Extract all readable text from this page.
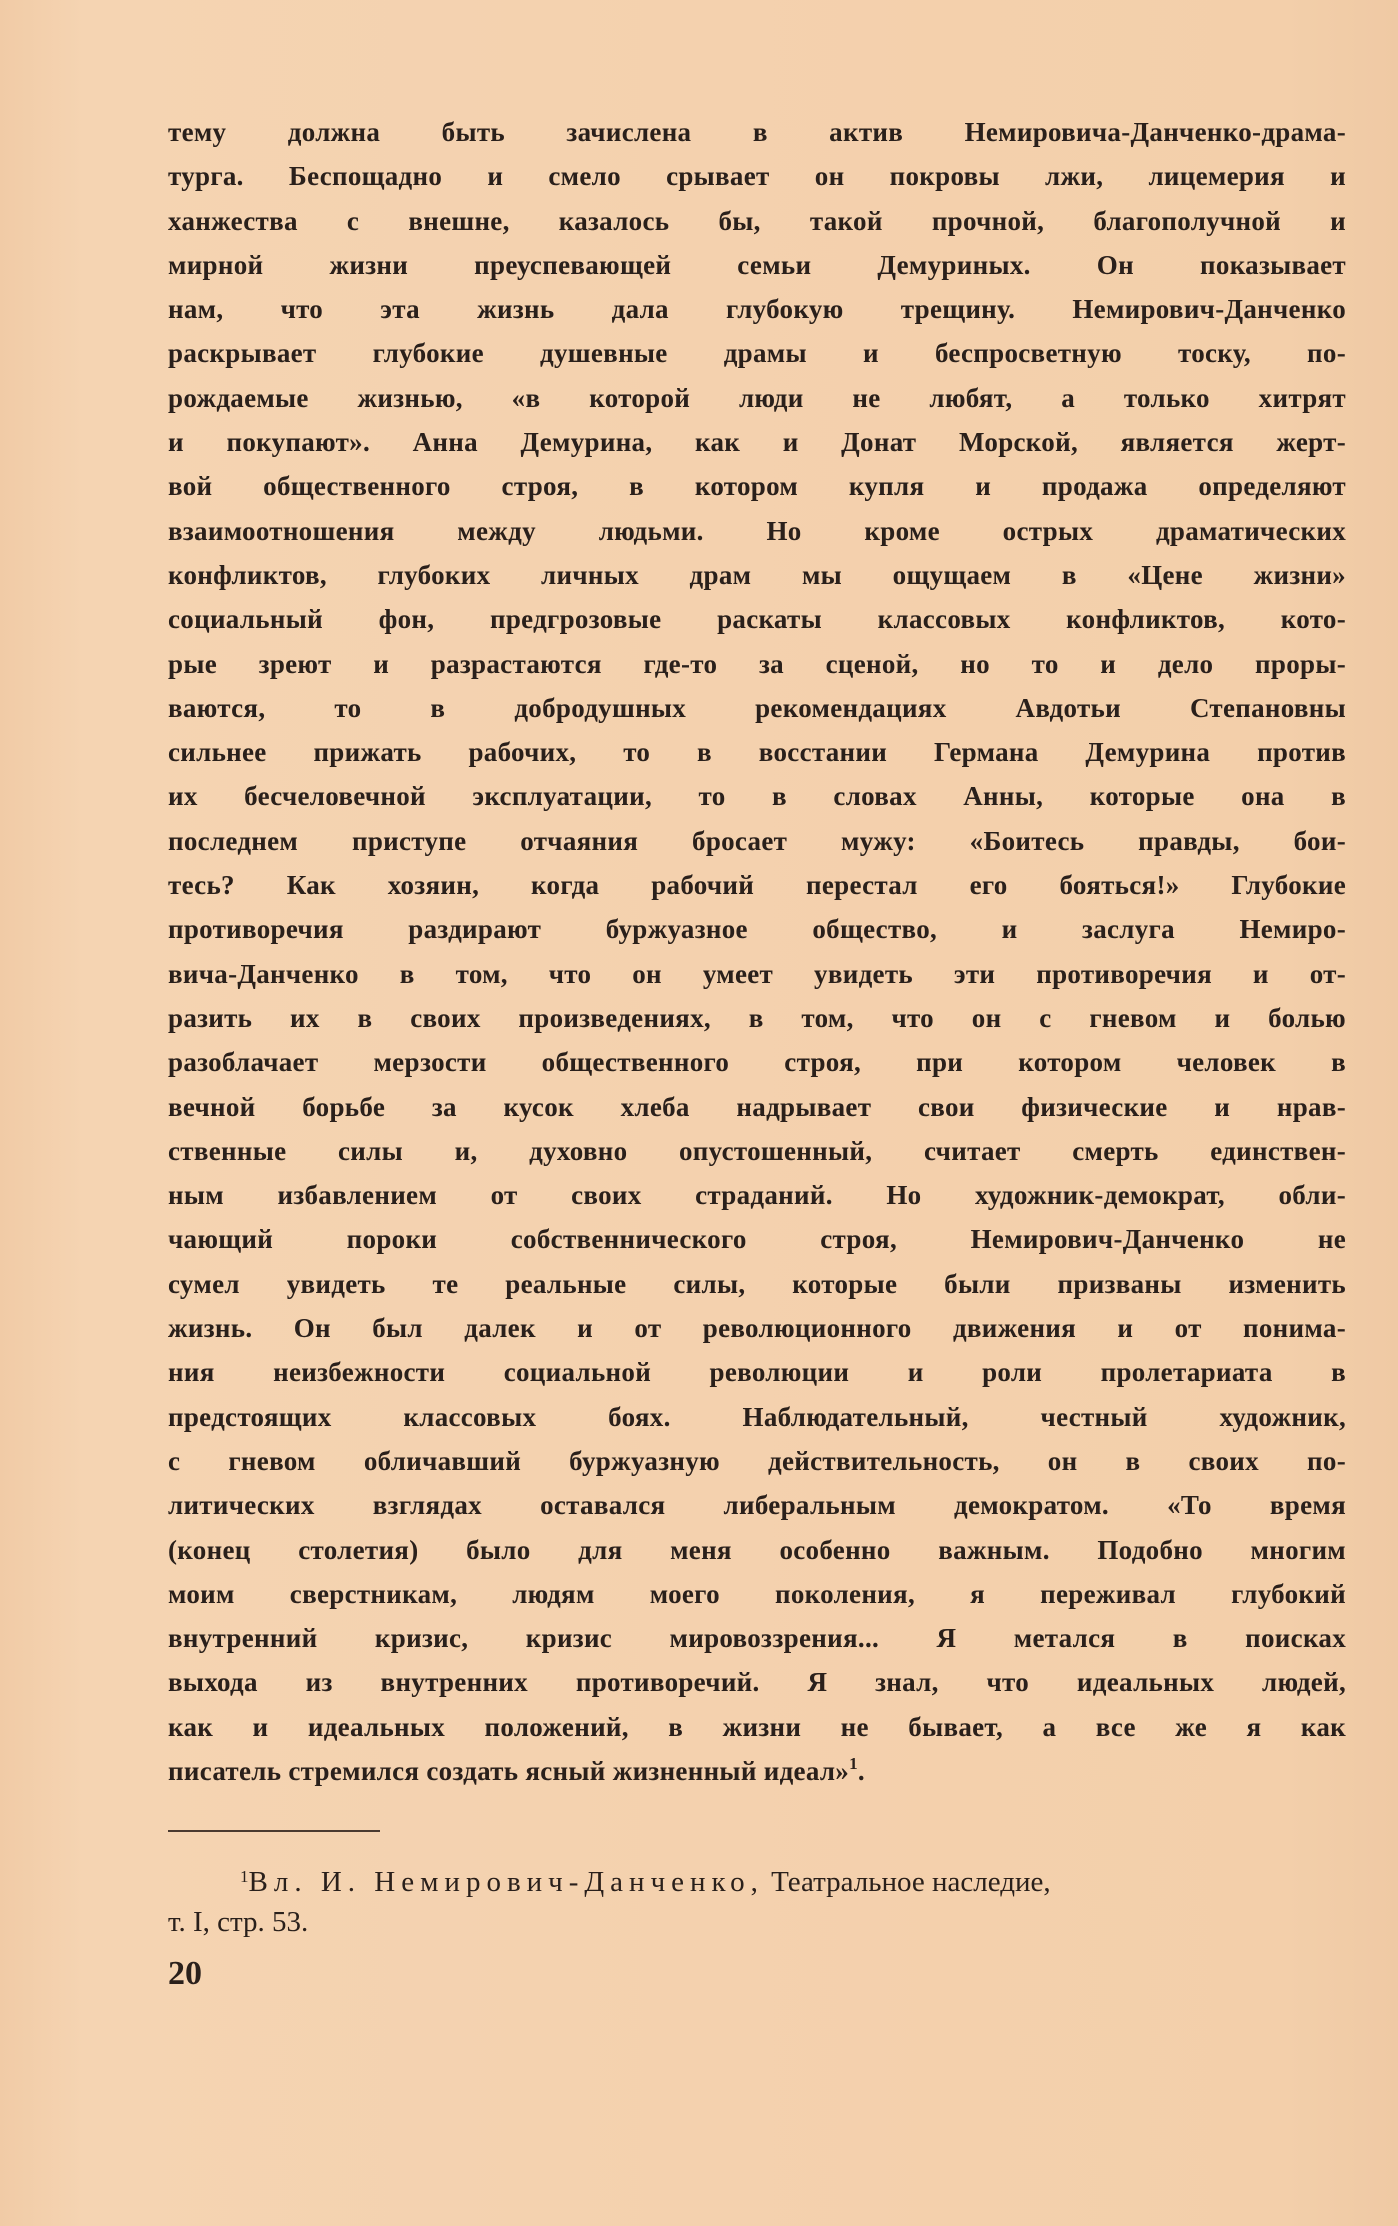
тему должна быть зачислена в актив Немировича-Данченко-драма-
турга. Беспощадно и смело срывает он покровы лжи, лицемерия и
ханжества с внешне, казалось бы, такой прочной, благополучной и
мирной жизни преуспевающей семьи Демуриных. Он показывает
нам, что эта жизнь дала глубокую трещину. Немирович-Данченко
раскрывает глубокие душевные драмы и беспросветную тоску, по-
рождаемые жизнью, «в которой люди не любят, а только хитрят
и покупают». Анна Демурина, как и Донат Морской, является жерт-
вой общественного строя, в котором купля и продажа определяют
взаимоотношения между людьми. Но кроме острых драматических
конфликтов, глубоких личных драм мы ощущаем в «Цене жизни»
социальный фон, предгрозовые раскаты классовых конфликтов, кото-
рые зреют и разрастаются где-то за сценой, но то и дело проры-
ваются, то в добродушных рекомендациях Авдотьи Степановны
сильнее прижать рабочих, то в восстании Германа Демурина против
их бесчеловечной эксплуатации, то в словах Анны, которые она в
последнем приступе отчаяния бросает мужу: «Боитесь правды, бои-
тесь? Как хозяин, когда рабочий перестал его бояться!» Глубокие
противоречия раздирают буржуазное общество, и заслуга Немиро-
вича-Данченко в том, что он умеет увидеть эти противоречия и от-
разить их в своих произведениях, в том, что он с гневом и болью
разоблачает мерзости общественного строя, при котором человек в
вечной борьбе за кусок хлеба надрывает свои физические и нрав-
ственные силы и, духовно опустошенный, считает смерть единствен-
ным избавлением от своих страданий. Но художник-демократ, обли-
чающий пороки собственнического строя, Немирович-Данченко не
сумел увидеть те реальные силы, которые были призваны изменить
жизнь. Он был далек и от революционного движения и от понима-
ния неизбежности социальной революции и роли пролетариата в
предстоящих классовых боях. Наблюдательный, честный художник,
с гневом обличавший буржуазную действительность, он в своих по-
литических взглядах оставался либеральным демократом. «То время
(конец столетия) было для меня особенно важным. Подобно многим
моим сверстникам, людям моего поколения, я переживал глубокий
внутренний кризис, кризис мировоззрения... Я метался в поисках
выхода из внутренних противоречий. Я знал, что идеальных людей,
как и идеальных положений, в жизни не бывает, а все же я как
писатель стремился создать ясный жизненный идеал»$^1$.
$^1$Вл. И. Немирович-Данченко, Театральное наследие,
т. I, стр. 53.
20
